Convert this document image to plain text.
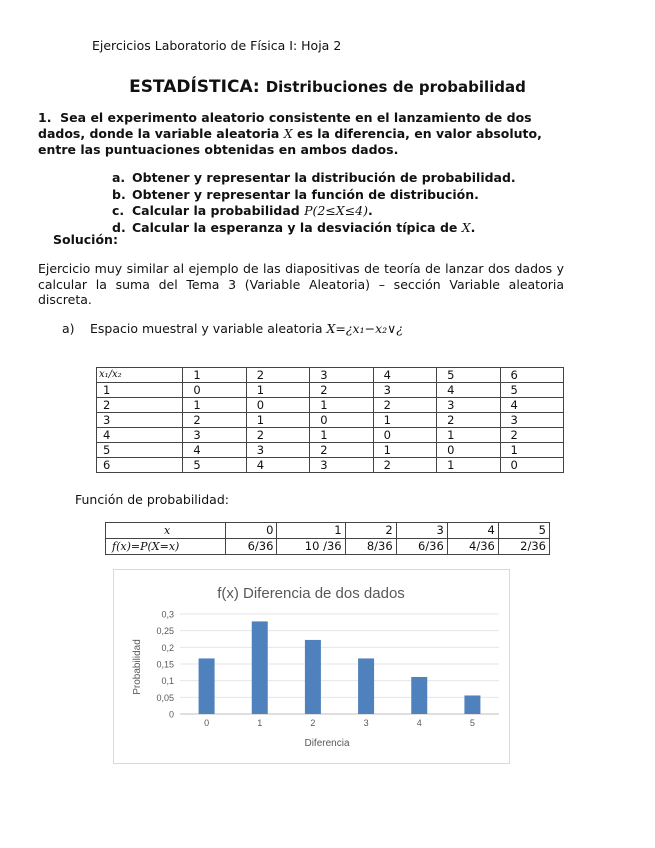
Ejercicios Laboratorio de Física I: Hoja 2
ESTADÍSTICA: Distribuciones de probabilidad
1. Sea el experimento aleatorio consistente en el lanzamiento de dos dados, donde la variable aleatoria X es la diferencia, en valor absoluto, entre las puntuaciones obtenidas en ambos dados.
a. Obtener y representar la distribución de probabilidad.
b. Obtener y representar la función de distribución.
c. Calcular la probabilidad P(2≤X≤4).
d. Calcular la esperanza y la desviación típica de X.
Solución:
Ejercicio muy similar al ejemplo de las diapositivas de teoría de lanzar dos dados y calcular la suma del Tema 3 (Variable Aleatoria) – sección Variable aleatoria discreta.
a) Espacio muestral y variable aleatoria X=¿x₁−x₂∨¿
x₁/x₂	1	2	3	4	5	6
1	0	1	2	3	4	5
2	1	0	1	2	3	4
3	2	1	0	1	2	3
4	3	2	1	0	1	2
5	4	3	2	1	0	1
6	5	4	3	2	1	0
Función de probabilidad:
x	0	1	2	3	4	5
f(x)=P(X=x)	6/36	10 /36	8/36	6/36	4/36	2/36
f(x) Diferencia de dos dados
Probabilidad
Diferencia
0
0,05
0,1
0,15
0,2
0,25
0,3
0	1	2	3	4	5
